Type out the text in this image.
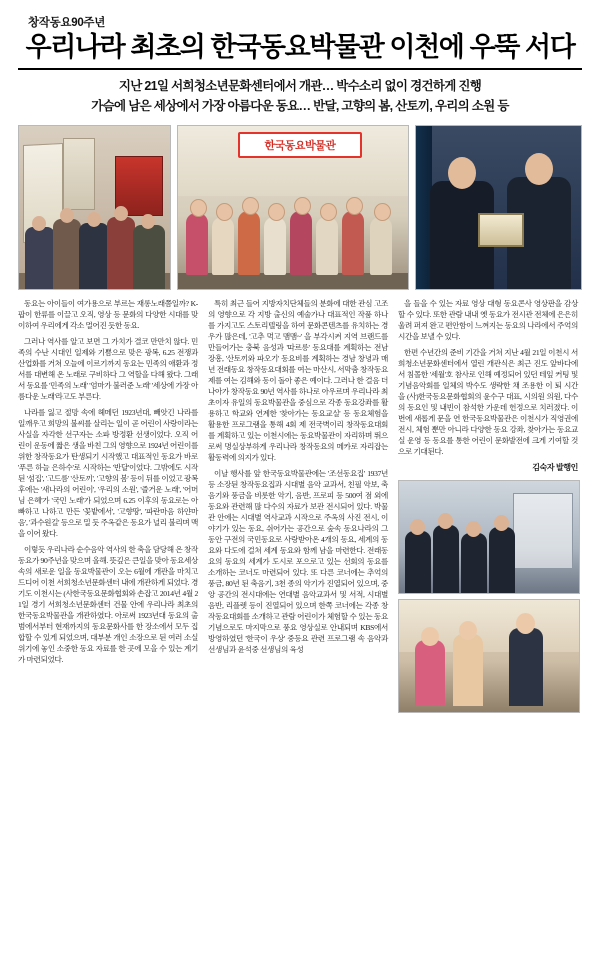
창작동요90주년
우리나라 최초의 한국동요박물관 이천에 우뚝 서다
지난 21일 서희청소년문화센터에서 개관… 박수소리 없이 경건하게 진행
가슴에 남은 세상에서 가장 아름다운 동요… 반달, 고향의 봄, 산토끼, 우리의 소원 등
한국동요박물관

동요는 아이들이 여가용으로 부르는 재롱노래쯤일까? K-팝이 한류를 이끌고 오직, 영상 등 문화의 다양한 시대를 맞이하여 우리에게 각소 멀어진 듯한 동요.

그러나 역사를 알고 보면 그 가치가 결코 만만치 않다. 민족의 수난 시대인 일제와 기쁨으로 맞은 광복, 6.25 전쟁과 산업화를 거쳐 오늘에 이르기까지 동요는 민족의 애환과 정서를 대변해 온 노래로 구비하다 그 역할을 다해 왔다. 그래서 동요를 '민족의 노래' '엄마가 불러준 노래' '세상에 가장 아름다운 노래'라고도 부른다.

나라를 잃고 절망 속에 헤메던 1923년대, 빼앗긴 나라를 일깨우고 희망의 불씨를 살리는 일이 곧 어린이 사랑이라는 사실을 자각한 선구자는 소파 방정환 선생이었다. 오직 어린이 운동에 짧은 생을 바친 그의 영향으로 1924년 어린이를 위한 창작동요가 탄생되기 시작했고 대표적인 동요가 바로 '푸른 하늘 은하수'로 시작하는 '반달'이었다. 그밖에도 시작된 '섬집', '고드름' '산토끼', '고향의 봄' 등이 뒤를 이었고 광복 후에는 '새나라의 어린이', '우리의 소원', '즐거운 노래', '어머님 은혜'가 '국민 노래'가 되었으며 6.25 이후의 동요로는 아빠하고 나하고 만든 '꽃밭에서', '고향땅', '파란마음 하얀마음', '과수원길' 등으로 밀 듯 주옥같은 동요가 널리 불리며 맥을 이어 왔다.

이렇듯 우리나라 순수음악 역사의 한 축을 담당해 온 창작동요가 90주년을 맞으며 올해. 뜻깊은 큰일을 맞아 동요세상속의 새로운 일을 동요박물관이 오는 6월에 개관을 마치고 드디어 이천 서희청소년문화센터 내에 개관하게 되었다. 경기도 이천시는 (사한국동요문화협회와 손잡고 2014년 4월 21일 경기 서희청소년문화센터 건물 안에 우리나라 최초의 한국동요박물관을 개관하였다. 아로써 1923년대 동요의 출범에서부터 현재까지의 동요문화사를 한 장소에서 모두 집합할 수 있게 되었으며, 대부분 개인 소장으로 된 여러 소실 위기에 놓인 소중한 동요 자료를 한 곳에 모을 수 있는 계기가 마련되었다.

특히 최근 들어 지방자치단체들의 분화에 대한 관심 고조의 영향으로 각 지방 출신의 예술가나 대표적인 작품 하나를 가지고도 스토리텔링을 하여 문화콘텐츠를 유치하는 경우가 많은데, '고추 먹고 맴맴~' 을 부각시켜 지역 브랜드를 만들어가는 충북 음성과 '따르릉' 동요대를 계획하는 전남 장흥, '산토끼와 파오기' 동요비를 계획하는 경남 창녕과 매년 전래동요 창작동요대회를 여는 마산시, 서막춤 창작동요제를 여는 김해와 동이 돌아 좋은 예이다. 그러나 한 걸음 더 나아가 창작동요 90년 역사를 하나로 아우르며 우리나라 최초이자 유일의 동요박물관을 중심으로 각종 동요강좌를 활용하고 학교와 연계한 '찾아가는 동요교실' 등 동요체험을 활용한 프로그램을 통해 4회 제 전국벽이리 창작동요대회를 계획하고 있는 이천시에는 동요박물관이 자리하며 뛰으로써 명실상부하게 우리나라 창작동요의 메카로 자리잡는 활동력에 의지가 있다.

이날 행사를 앞 한국동요박물관에는 '조선동요집' 1937년 등 소장된 창작동요집과 시대별 음악 교과서, 친필 악보, 축음기와 풍금을 비롯한 악기, 음반, 프로피 등 500여 점 외에 동요와 관련해 많 다수의 자료가 보관 전시되어 있다. 박물관 안에는 시대별 역사교과 시작으로 주옥의 사진 전시, 이야기가 있는 동요, 쉬어가는 공간으로 숲속 동요나라의 그동안 구전의 국민동요로 사랑받아온 4개의 동요, 세계의 동요와 다도에 걸쳐 세계 동요와 함께 남을 마련한다. 전래동요의 동요의 세계가 도시로 포으로고 있는 선회의 동요를 소개하는 코너도 마련되어 있다. 또 다른 코너에는 추억의 풍금, 80년 된 축음기, 3천 종의 악기가 진열되어 있으며, 중앙 공간의 전시대에는 연대별 음악교과서 및 서적, 시대별 음반, 리플렛 등이 진열되어 있으며 한쪽 코너에는 각종 창작동요대회를 소개하고 관람 어린이가 체험할 수 있는 동요 기념으로도 마지막으로 풍요 영상실로 안내되며 KBS에서 방영하였던 '한국이 우상' 중등요 관련 프로그램 속 음악과 선생님과 윤석중 선생님의 육성

을 들을 수 있는 자료 영상 대형 동요콘사 영상판을 감상할 수 있다. 또한 관람 내내 옛 동요가 전시관 전체에 은은히 울려 퍼져 완고 편안함이 느껴지는 동요의 나라에서 주억의 시간을 보낼 수 있다.

한편 수년간의 준비 기간을 거쳐 지난 4월 21일 이천시 서희청소년문화센터에서 열린 개관식은 최근 진도 앞바다에서 침몰한 '세월'호 참사로 인해 예정되어 있던 테잎 커팅 및 기념음악회를 일체의 박수도 생략한 채 조용한 이 퇴 시간을 (사)한국동요문화협회의 윤수구 대표, 시의원 의원, 다수의 동요인 및 내빈이 참석한 가운데 헌정으로 치러졌다. 이번에 새롭게 문을 연 한국동요박물관은 이천시가 직영권에 전시, 체험 뿐만 아니라 다양한 동요 강좌, 찾아가는 동요교실 운영 등 동요를 통한 어린이 문화발전에 크게 기여할 것으로 기대된다.

김숙자 발행인
